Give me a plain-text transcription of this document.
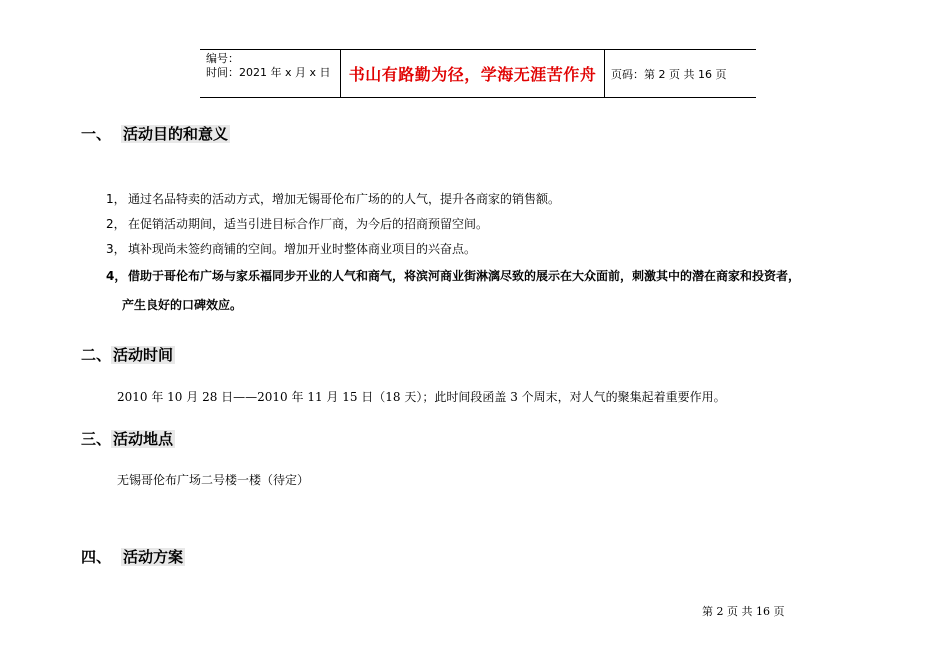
编号：
时间：2021 年 x 月 x 日	书山有路勤为径，学海无涯苦作舟 页码：第 2 页 共 16 页
一、 活动目的和意义
1， 通过名品特卖的活动方式，增加无锡哥伦布广场的的人气，提升各商家的销售额。
2， 在促销活动期间，适当引进目标合作厂商，为今后的招商预留空间。
3， 填补现尚未签约商铺的空间。增加开业时整体商业项目的兴奋点。
4， 借助于哥伦布广场与家乐福同步开业的人气和商气，将滨河商业街淋漓尽致的展示在大众面前，刺激其中的潜在商家和投资者，
产生良好的口碑效应。
二、 活动时间
2010 年 10 月 28 日——2010 年 11 月 15 日（18 天）；此时间段函盖 3 个周末，对人气的聚集起着重要作用。
三、 活动地点
无锡哥伦布广场二号楼一楼（待定）
四、 活动方案
第 2 页 共 16 页
